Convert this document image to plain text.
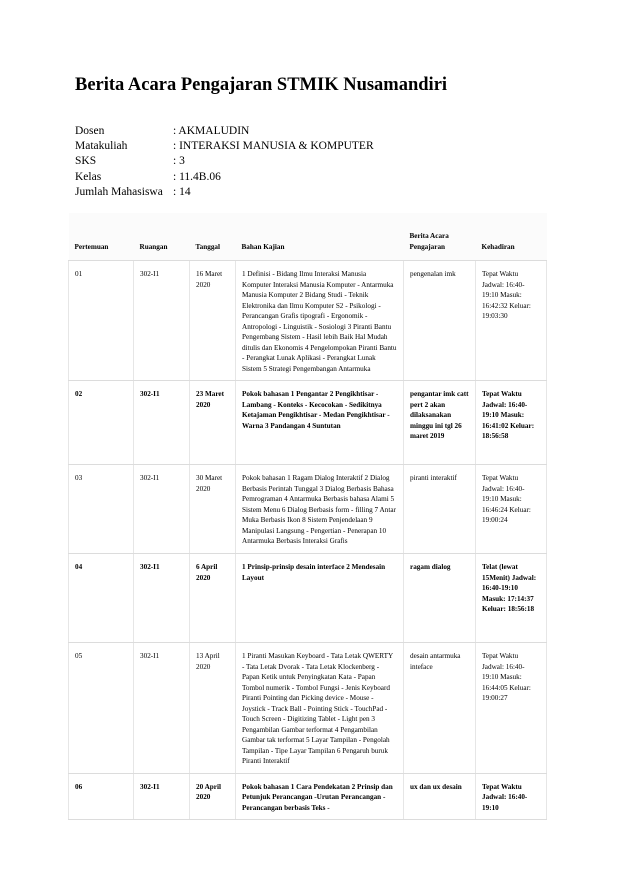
Berita Acara Pengajaran STMIK Nusamandiri
Dosen	: AKMALUDIN
Matakuliah	: INTERAKSI MANUSIA & KOMPUTER
SKS	: 3
Kelas	: 11.4B.06
Jumlah Mahasiswa : 14
Pertemuan	Ruangan	Tanggal	Bahan Kajian	Berita Acara Pengajaran	Kehadiran
01	302-I1	16 Maret 2020	1 Definisi - Bidang Ilmu Interaksi Manusia Komputer Interaksi Manusia Komputer - Antarmuka Manusia Komputer 2 Bidang Studi - Teknik Elektronika dan Ilmu Komputer S2 - Psikologi - Perancangan Grafis tipografi - Ergonomik - Antropologi - Linguistik - Sosiologi 3 Piranti Bantu Pengembang Sistem - Hasil lebih Baik Hal Mudah ditulis dan Ekonomis 4 Pengelompokan Piranti Bantu - Perangkat Lunak Aplikasi - Perangkat Lunak Sistem 5 Strategi Pengembangan Antarmuka	pengenalan imk	Tepat Waktu Jadwal: 16:40-19:10 Masuk: 16:42:32 Keluar: 19:03:30
02	302-I1	23 Maret 2020	Pokok bahasan 1 Pengantar 2 Pengikhtisar - Lambang - Konteks - Kecocokan - Sedikitnya Ketajaman Pengikhtisar - Medan Pengikhtisar - Warna 3 Pandangan 4 Suntutan	pengantar imk catt pert 2 akan dilaksanakan minggu ini tgl 26 maret 2019	Tepat Waktu Jadwal: 16:40-19:10 Masuk: 16:41:02 Keluar: 18:56:58
03	302-I1	30 Maret 2020	Pokok bahasan 1 Ragam Dialog Interaktif 2 Dialog Berbasis Perintah Tunggal 3 Dialog Berbasis Bahasa Pemrograman 4 Antarmuka Berbasis bahasa Alami 5 Sistem Menu 6 Dialog Berbasis form - filling 7 Antar Muka Berbasis Ikon 8 Sistem Penjendelaan 9 Manipulasi Langsung - Pengertian - Penerapan 10 Antarmuka Berbasis Interaksi Grafis	piranti interaktif	Tepat Waktu Jadwal: 16:40-19:10 Masuk: 16:46:24 Keluar: 19:00:24
04	302-I1	6 April 2020	1 Prinsip-prinsip desain interface 2 Mendesain Layout	ragam dialog	Telat (lewat 15Menit) Jadwal: 16:40-19:10 Masuk: 17:14:37 Keluar: 18:56:18
05	302-I1	13 April 2020	1 Piranti Masukan Keyboard - Tata Letak QWERTY - Tata Letak Dvorak - Tata Letak Klockenberg - Papan Ketik untuk Penyingkatan Kata - Papan Tombol numerik - Tombol Fungsi - Jenis Keyboard Piranti Pointing dan Picking device - Mouse - Joystick - Track Ball - Pointing Stick - TouchPad - Touch Screen - Digitizing Tablet - Light pen 3 Pengambilan Gambar terformat 4 Pengambilan Gambar tak terformat 5 Layar Tampilan - Pengolah Tampilan - Tipe Layar Tampilan 6 Pengaruh buruk Piranti Interaktif	desain antarmuka inteface	Tepat Waktu Jadwal: 16:40-19:10 Masuk: 16:44:05 Keluar: 19:00:27
06	302-I1	20 April 2020	Pokok bahasan 1 Cara Pendekatan 2 Prinsip dan Petunjuk Perancangan -Urutan Perancangan -Perancangan berbasis Teks -	ux dan ux desain	Tepat Waktu Jadwal: 16:40-19:10
